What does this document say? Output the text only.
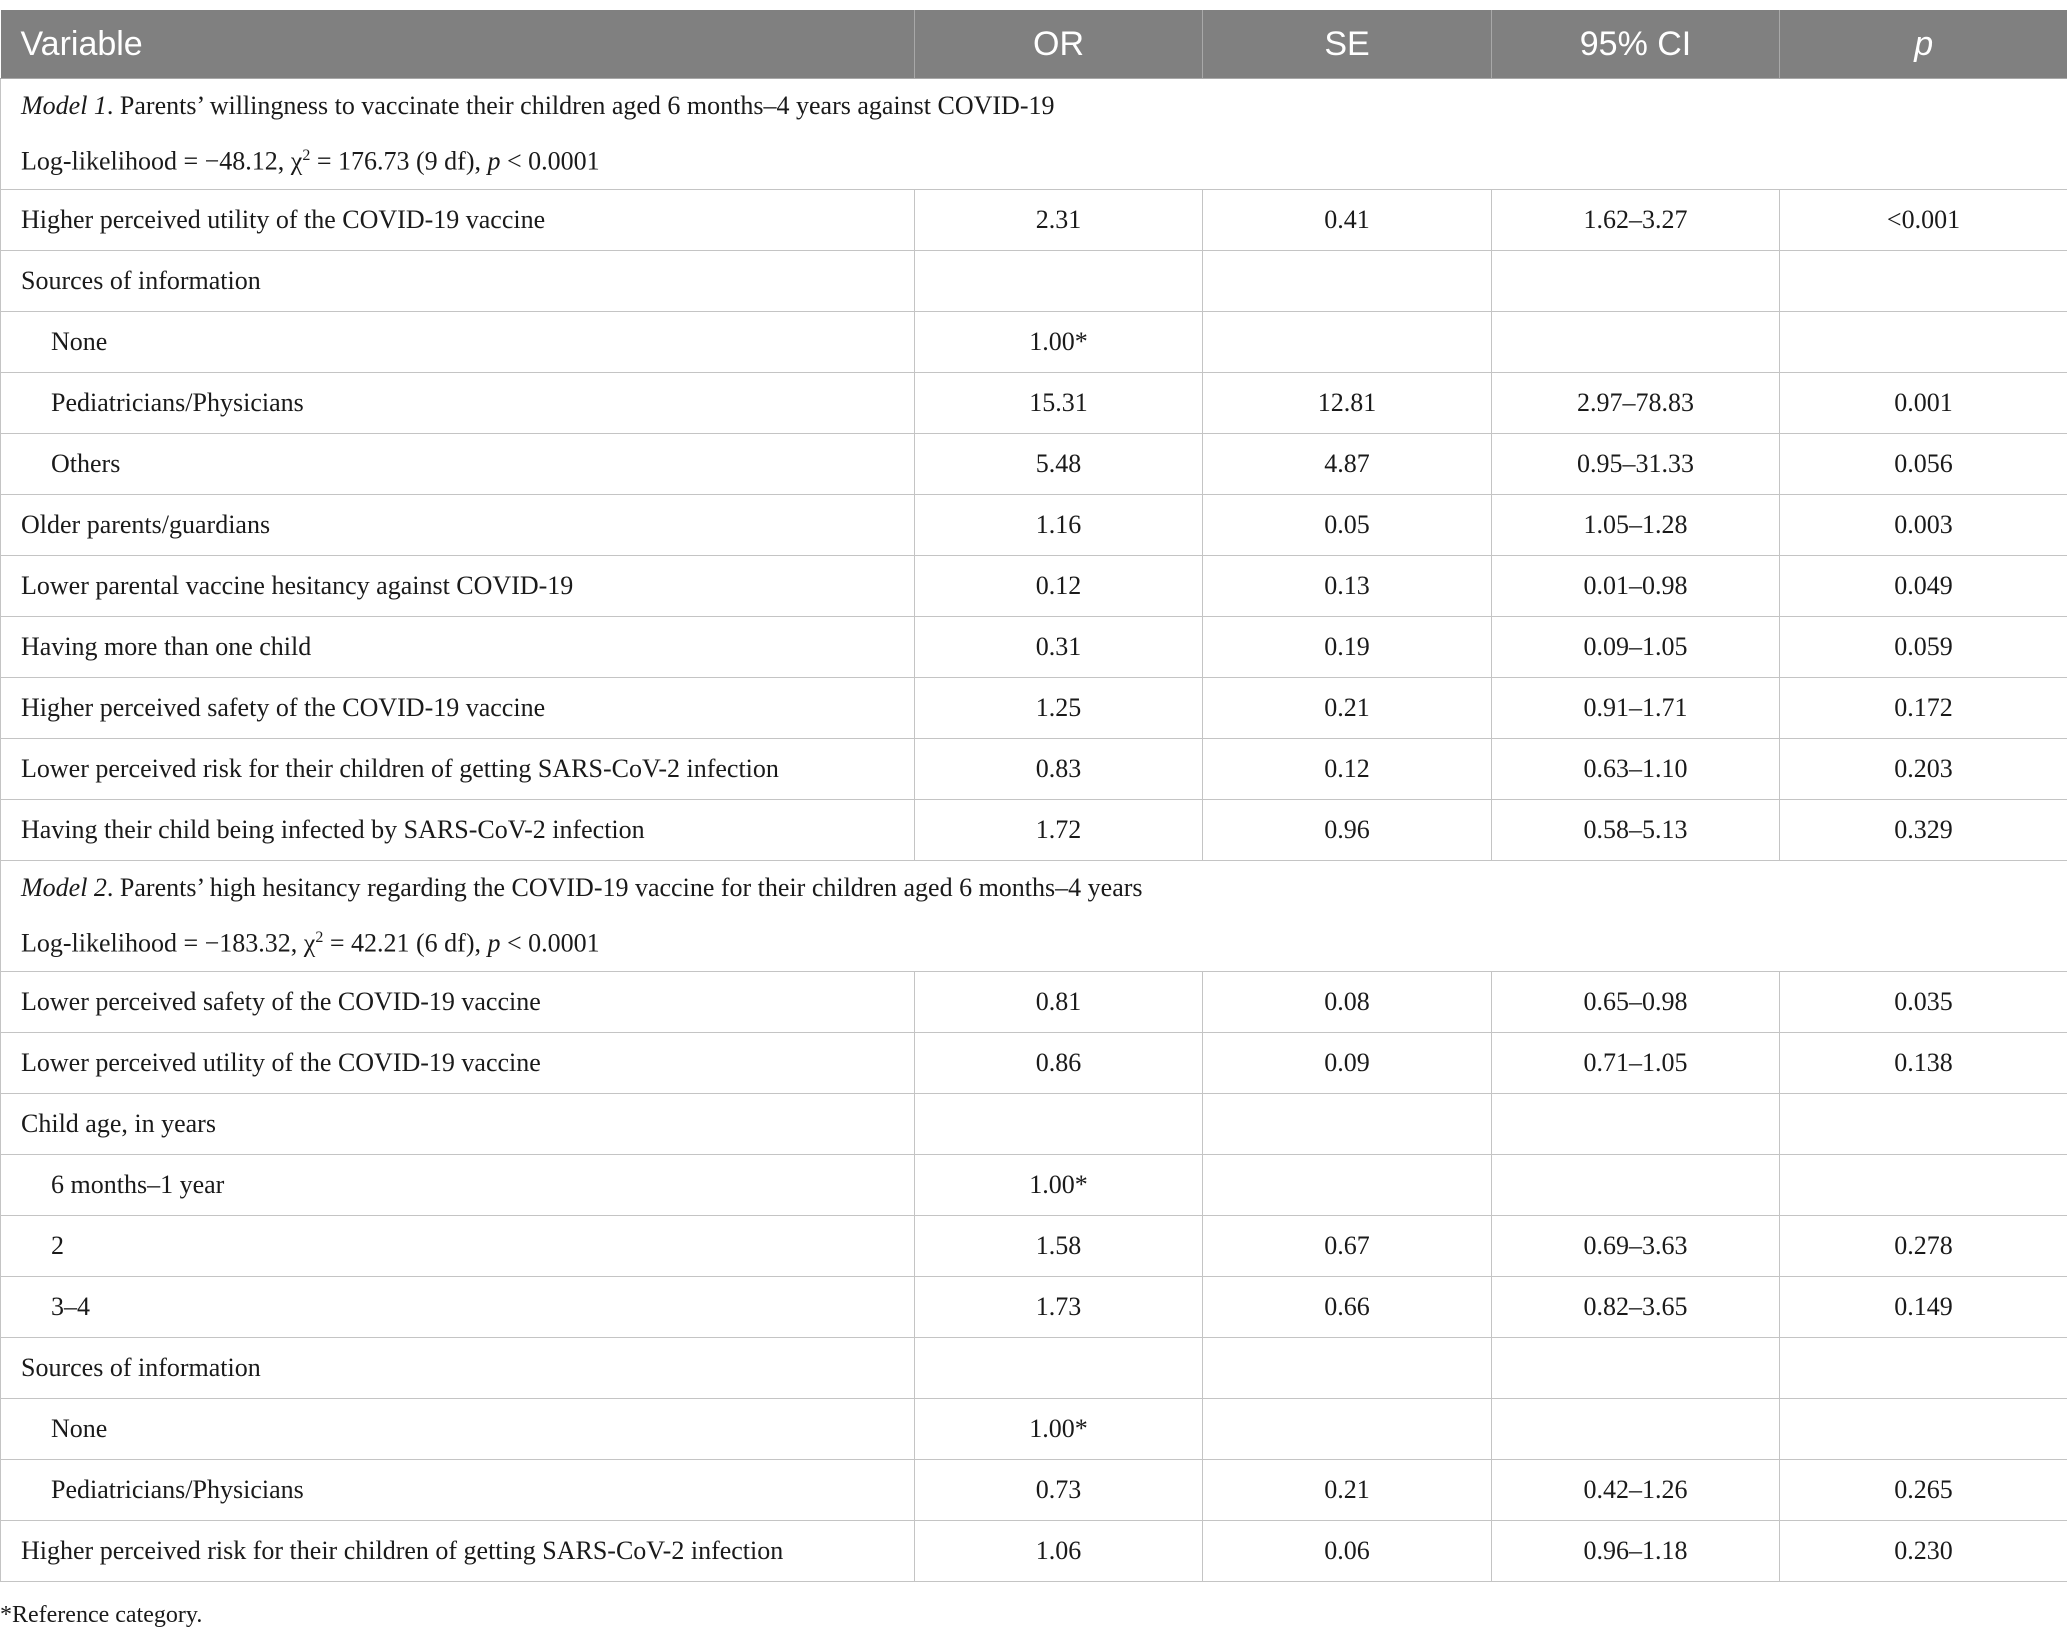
Variable	OR	SE	95% CI	p

Model 1. Parents’ willingness to vaccinate their children aged 6 months–4 years against COVID-19
Log-likelihood = −48.12, $\chi^2 = 176.73$ (9 df), p < 0.0001				

Higher perceived utility of the COVID-19 vaccine	2.31	0.41	1.62–3.27	<0.001
Sources of information				
None	1.00*			
Pediatricians/Physicians	15.31	12.81	2.97–78.83	0.001
Others	5.48	4.87	0.95–31.33	0.056
Older parents/guardians	1.16	0.05	1.05–1.28	0.003
Lower parental vaccine hesitancy against COVID-19	0.12	0.13	0.01–0.98	0.049
Having more than one child	0.31	0.19	0.09–1.05	0.059
Higher perceived safety of the COVID-19 vaccine	1.25	0.21	0.91–1.71	0.172
Lower perceived risk for their children of getting SARS-CoV-2 infection	0.83	0.12	0.63–1.10	0.203
Having their child being infected by SARS-CoV-2 infection	1.72	0.96	0.58–5.13	0.329

Model 2. Parents’ high hesitancy regarding the COVID-19 vaccine for their children aged 6 months–4 years
Log-likelihood = −183.32, $\chi^2 = 42.21$ (6 df), p < 0.0001				

Lower perceived safety of the COVID-19 vaccine	0.81	0.08	0.65–0.98	0.035
Lower perceived utility of the COVID-19 vaccine	0.86	0.09	0.71–1.05	0.138
Child age, in years				
6 months–1 year	1.00*			
2	1.58	0.67	0.69–3.63	0.278
3–4	1.73	0.66	0.82–3.65	0.149
Sources of information				
None	1.00*			
Pediatricians/Physicians	0.73	0.21	0.42–1.26	0.265
Higher perceived risk for their children of getting SARS-CoV-2 infection	1.06	0.06	0.96–1.18	0.230
*Reference category.
